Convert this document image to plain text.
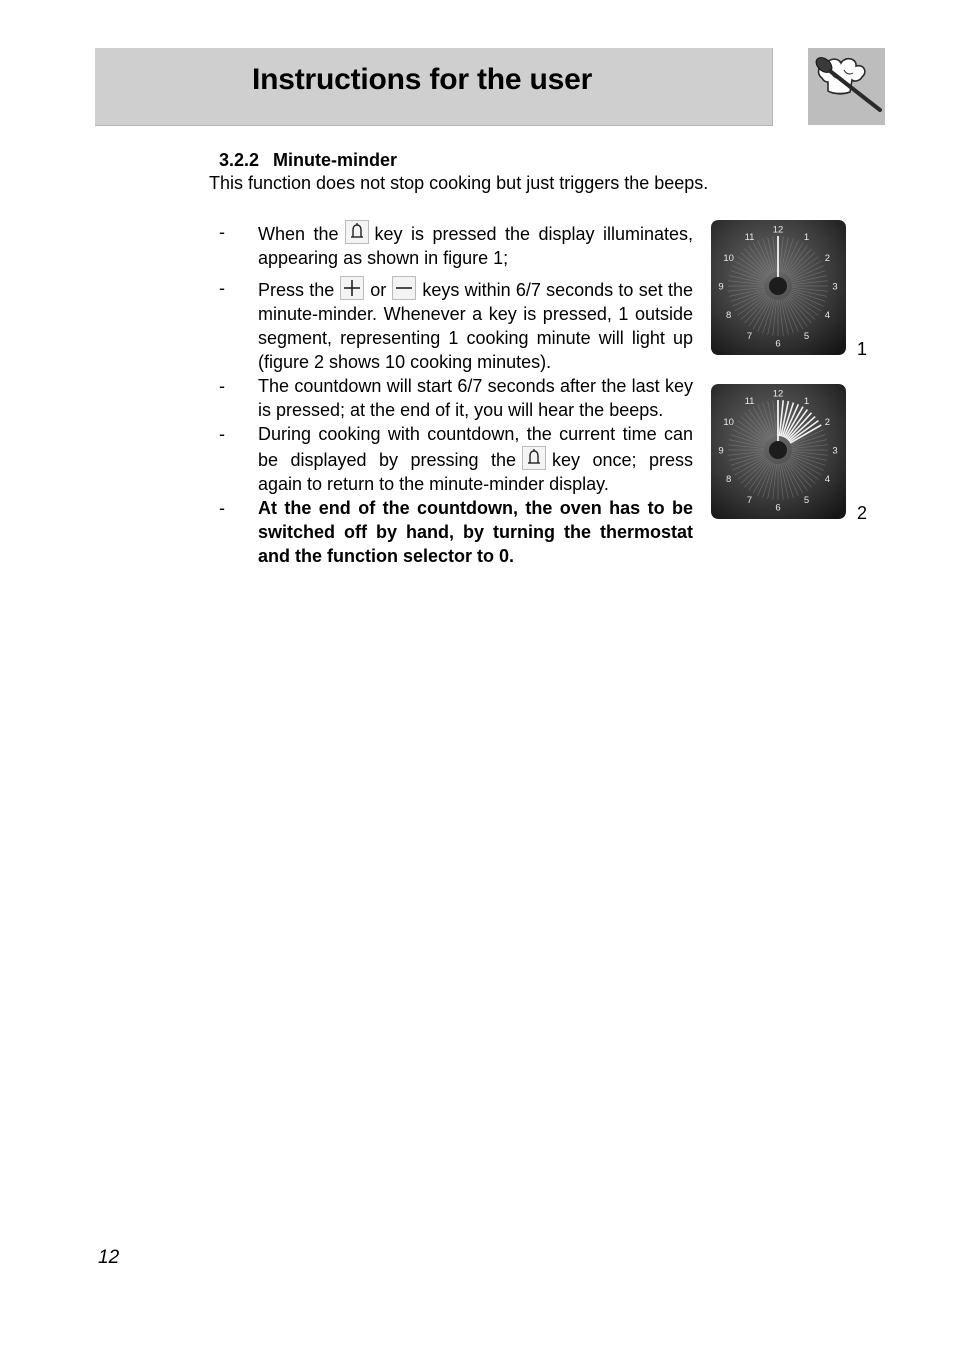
Instructions for the user
3.2.2 Minute-minder
This function does not stop cooking but just triggers the beeps.
- When the key is pressed the display illuminates, appearing as shown in figure 1;
- Press the or keys within 6/7 seconds to set the minute-minder. Whenever a key is pressed, 1 outside segment, representing 1 cooking minute will light up (figure 2 shows 10 cooking minutes).
- The countdown will start 6/7 seconds after the last key is pressed; at the end of it, you will hear the beeps.
- During cooking with countdown, the current time can be displayed by pressing the key once; press again to return to the minute-minder display.
- At the end of the countdown, the oven has to be switched off by hand, by turning the thermostat and the function selector to 0.
12
1
2
3
4
5
6
7
8
9
10
11
1
12
1
2
3
4
5
6
7
8
9
10
11
2
12
